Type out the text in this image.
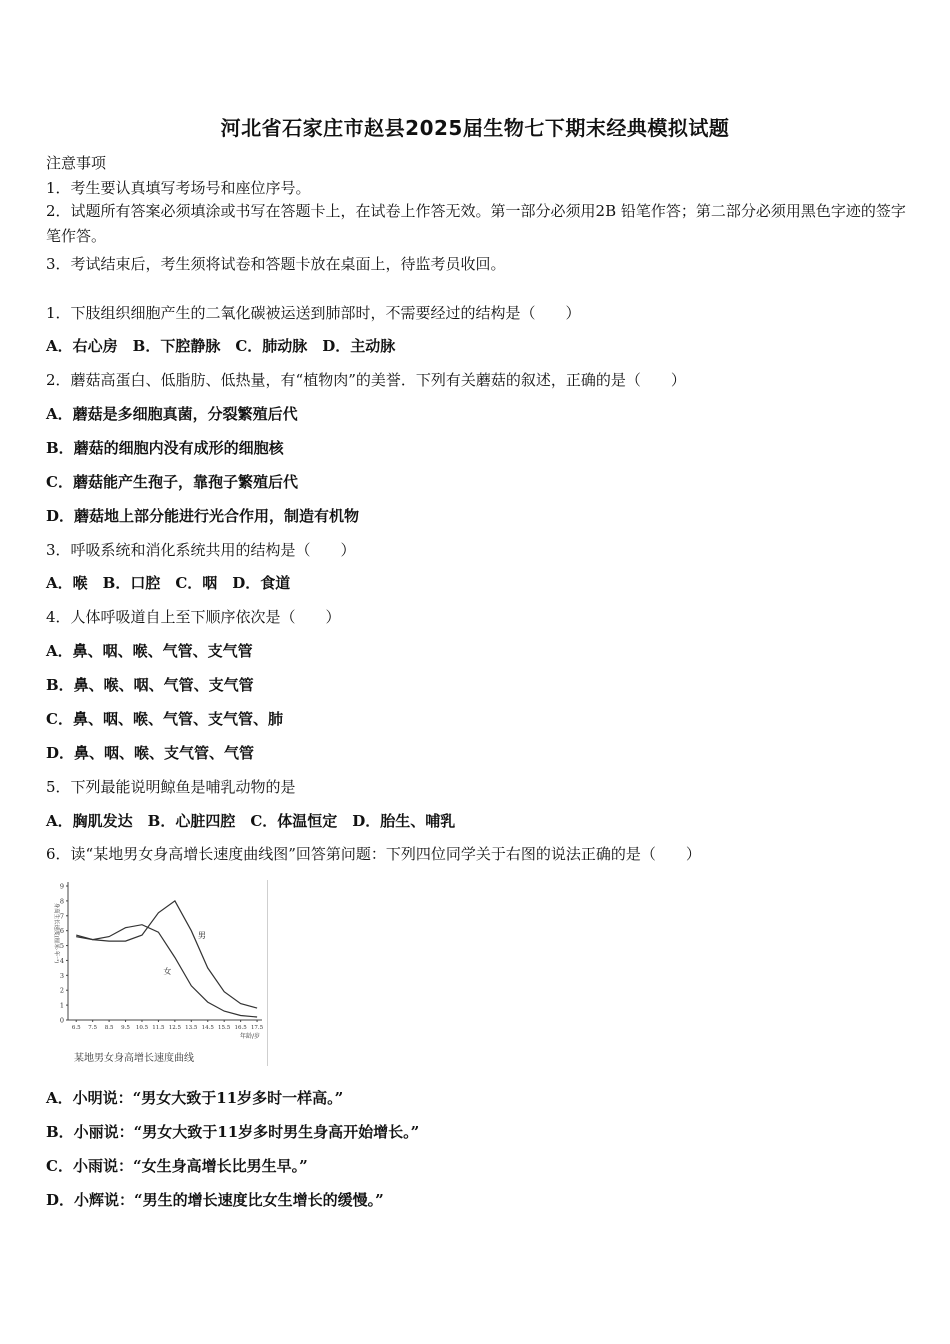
河北省石家庄市赵县2025届生物七下期末经典模拟试题
注意事项
1．考生要认真填写考场号和座位序号。
2．试题所有答案必须填涂或书写在答题卡上，在试卷上作答无效。第一部分必须用2B 铅笔作答；第二部分必须用黑色字迹的签字笔作答。
3．考试结束后，考生须将试卷和答题卡放在桌面上，待监考员收回。
1．下肢组织细胞产生的二氧化碳被运送到肺部时，不需要经过的结构是（　　）
A．右心房　B．下腔静脉　C．肺动脉　D．主动脉
2．蘑菇高蛋白、低脂肪、低热量，有“植物肉”的美誉．下列有关蘑菇的叙述，正确的是（　　）
A．蘑菇是多细胞真菌，分裂繁殖后代
B．蘑菇的细胞内没有成形的细胞核
C．蘑菇能产生孢子，靠孢子繁殖后代
D．蘑菇地上部分能进行光合作用，制造有机物
3．呼吸系统和消化系统共用的结构是（　　）
A．喉　B．口腔　C．咽　D．食道
4．人体呼吸道自上至下顺序依次是（　　）
A．鼻、咽、喉、气管、支气管
B．鼻、喉、咽、气管、支气管
C．鼻、咽、喉、气管、支气管、肺
D．鼻、咽、喉、支气管、气管
5．下列最能说明鲸鱼是哺乳动物的是
A．胸肌发达　B．心脏四腔　C．体温恒定　D．胎生、哺乳
6．读“某地男女身高增长速度曲线图”回答第问题：下列四位同学关于右图的说法正确的是（　　）
0
1
2
3
4
5
6
7
8
9
6.5 7.5 8.5 9.5 10.5 11.5 12.5 13.5 14.5 15.5 16.5 17.5
男
女
年龄/岁
身高生长速度(厘米·年⁻¹)
某地男女身高增长速度曲线
A．小明说：“男女大致于11岁多时一样高。”
B．小丽说：“男女大致于11岁多时男生身高开始增长。”
C．小雨说：“女生身高增长比男生早。”
D．小辉说：“男生的增长速度比女生增长的缓慢。”
